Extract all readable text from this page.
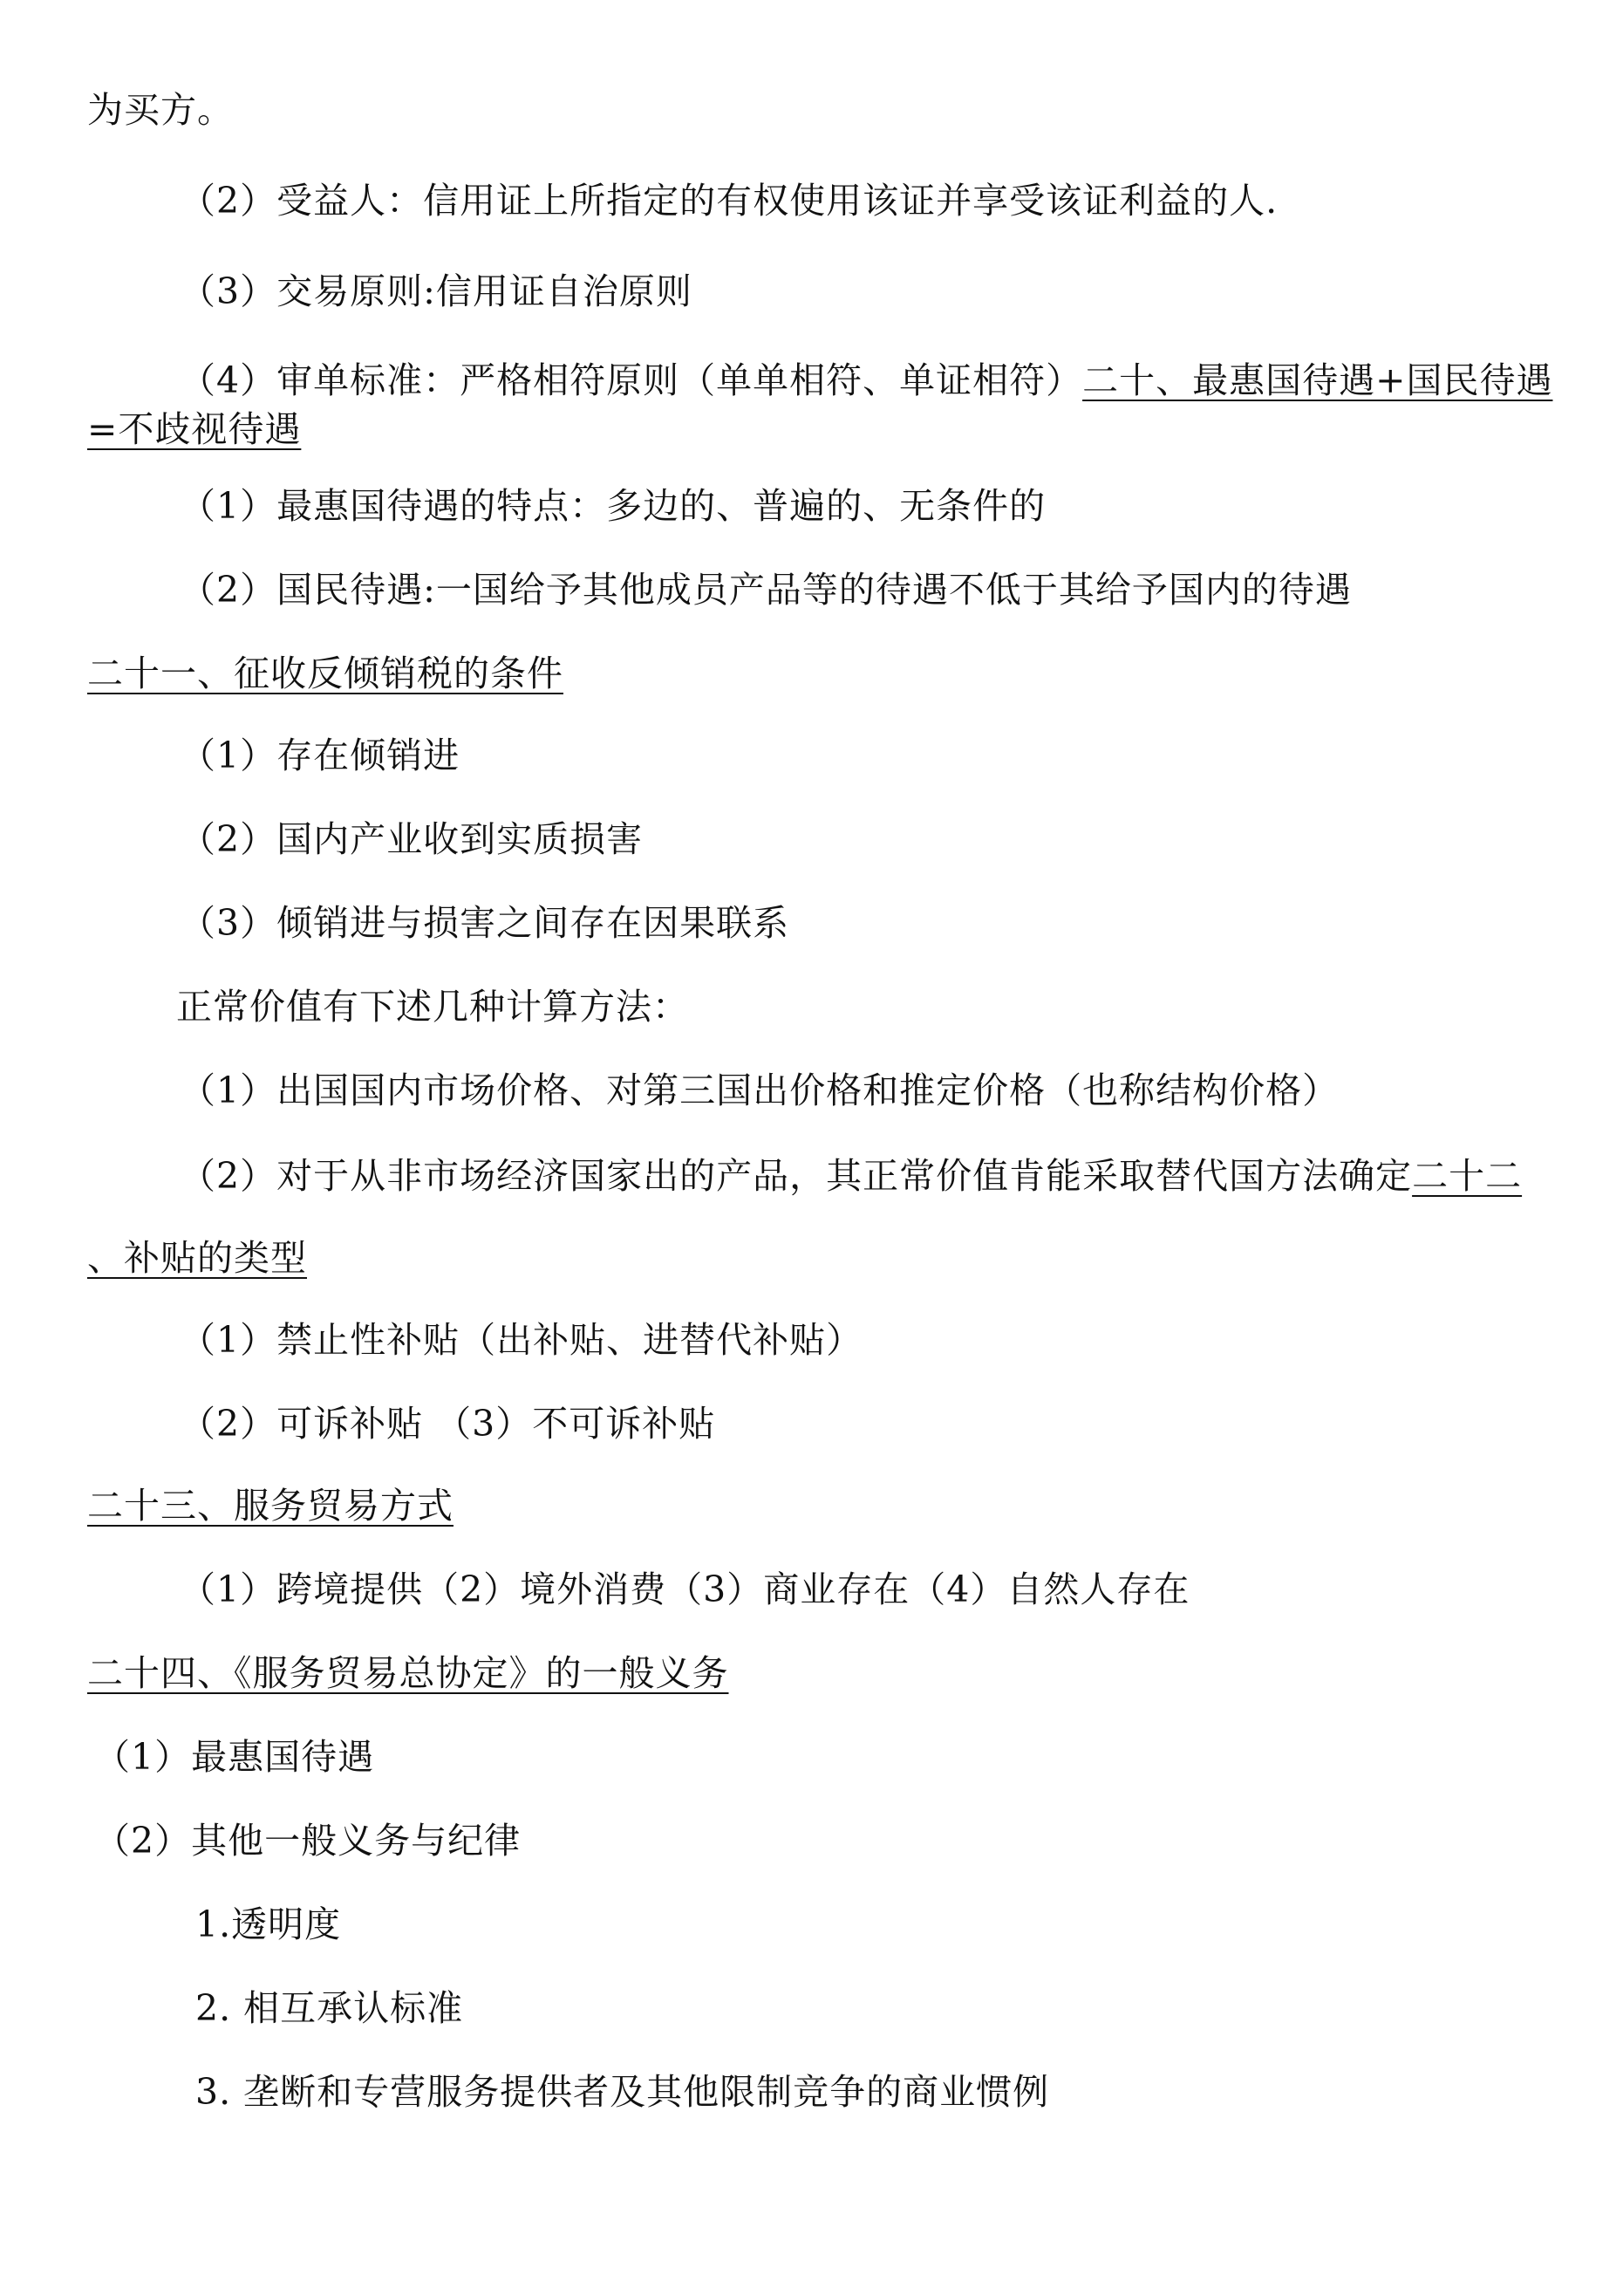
为买方。
（2）受益人：信用证上所指定的有权使用该证并享受该证利益的人.
（3）交易原则:信用证自治原则
（4）审单标准：严格相符原则（单单相符、单证相符）二十、最惠国待遇+国民待遇
=不歧视待遇
（1）最惠国待遇的特点：多边的、普遍的、无条件的
（2）国民待遇:一国给予其他成员产品等的待遇不低于其给予国内的待遇
二十一、征收反倾销税的条件
（1）存在倾销进
（2）国内产业收到实质损害
（3）倾销进与损害之间存在因果联系
正常价值有下述几种计算方法：
（1）出国国内市场价格、对第三国出价格和推定价格（也称结构价格）
（2）对于从非市场经济国家出的产品，其正常价值肯能采取替代国方法确定二十二
、补贴的类型
（1）禁止性补贴（出补贴、进替代补贴）
（2）可诉补贴 （3）不可诉补贴
二十三、服务贸易方式
（1）跨境提供（2）境外消费（3）商业存在（4）自然人存在
二十四、《服务贸易总协定》的一般义务
（1）最惠国待遇
（2）其他一般义务与纪律
1.透明度
2. 相互承认标准
3. 垄断和专营服务提供者及其他限制竞争的商业惯例
